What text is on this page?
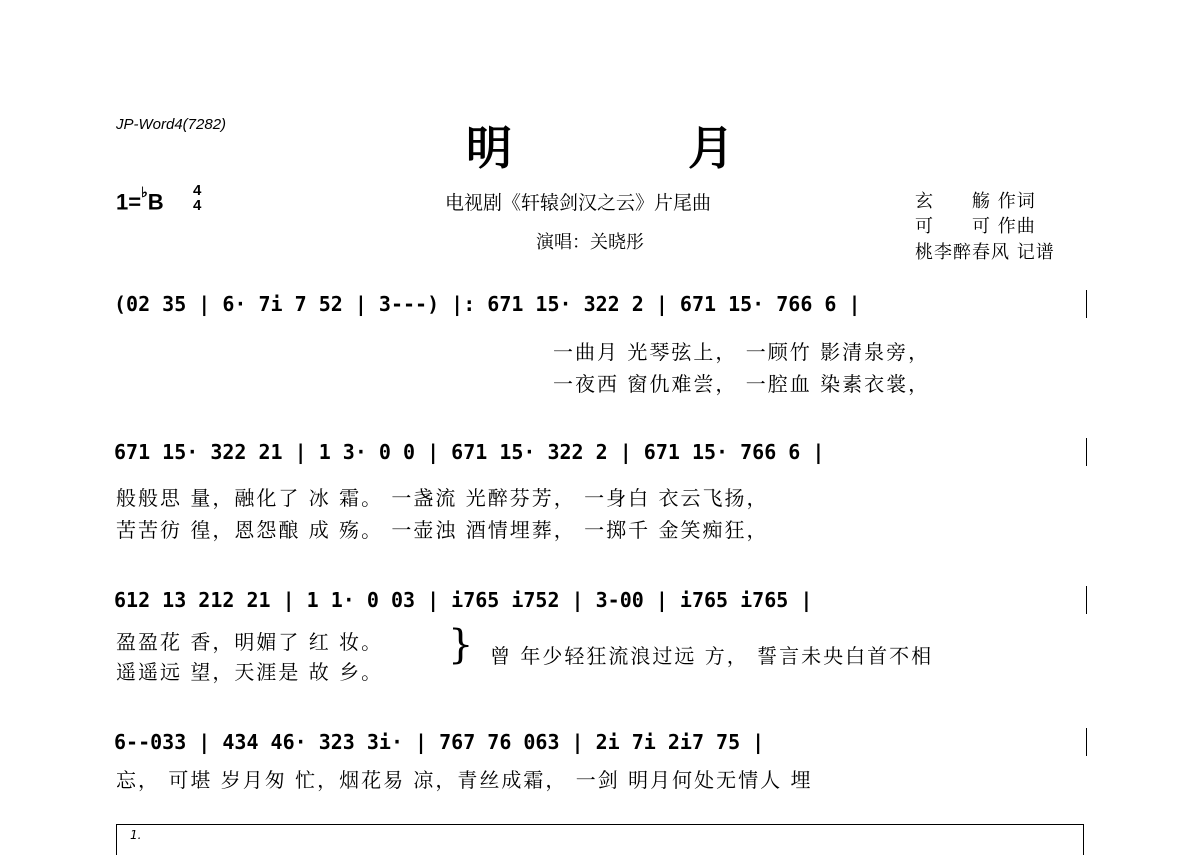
JP-Word4(7282)	明 月
1=♭B 4
4	电视剧《轩辕剑汉之云》片尾曲
演唱：关晓彤
玄　　觞 作词
可　　可 作曲
桃李醉春风 记谱
(02 35 | 6· 7i 7 52 | 3---) |: 671 15· 322 2 | 671 15· 766 6 |
一曲月 光琴弦上， 一顾竹 影清泉旁，
一夜西 窗仇难尝， 一腔血 染素衣裳，
671 15· 322 21 | 1 3· 0 0 | 671 15· 322 2 | 671 15· 766 6 |
般般思 量，融化了 冰 霜。 一盏流 光醉芬芳， 一身白 衣云飞扬，
苦苦彷 徨，恩怨酿 成 殇。 一壶浊 酒情埋葬， 一掷千 金笑痴狂，
612 13 212 21 | 1 1· 0 03 | i765 i752 | 3-00 | i765 i765 |
盈盈花 香，明媚了 红 妆。
遥遥远 望，天涯是 故 乡。
} 曾 年少轻狂流浪过远 方， 誓言未央白首不相
6--033 | 434 46· 323 3i· | 767 76 063 | 2i 7i 2i7 75 |
忘， 可堪 岁月匆 忙，烟花易 凉，青丝成霜， 一剑 明月何处无情人 埋
1.
